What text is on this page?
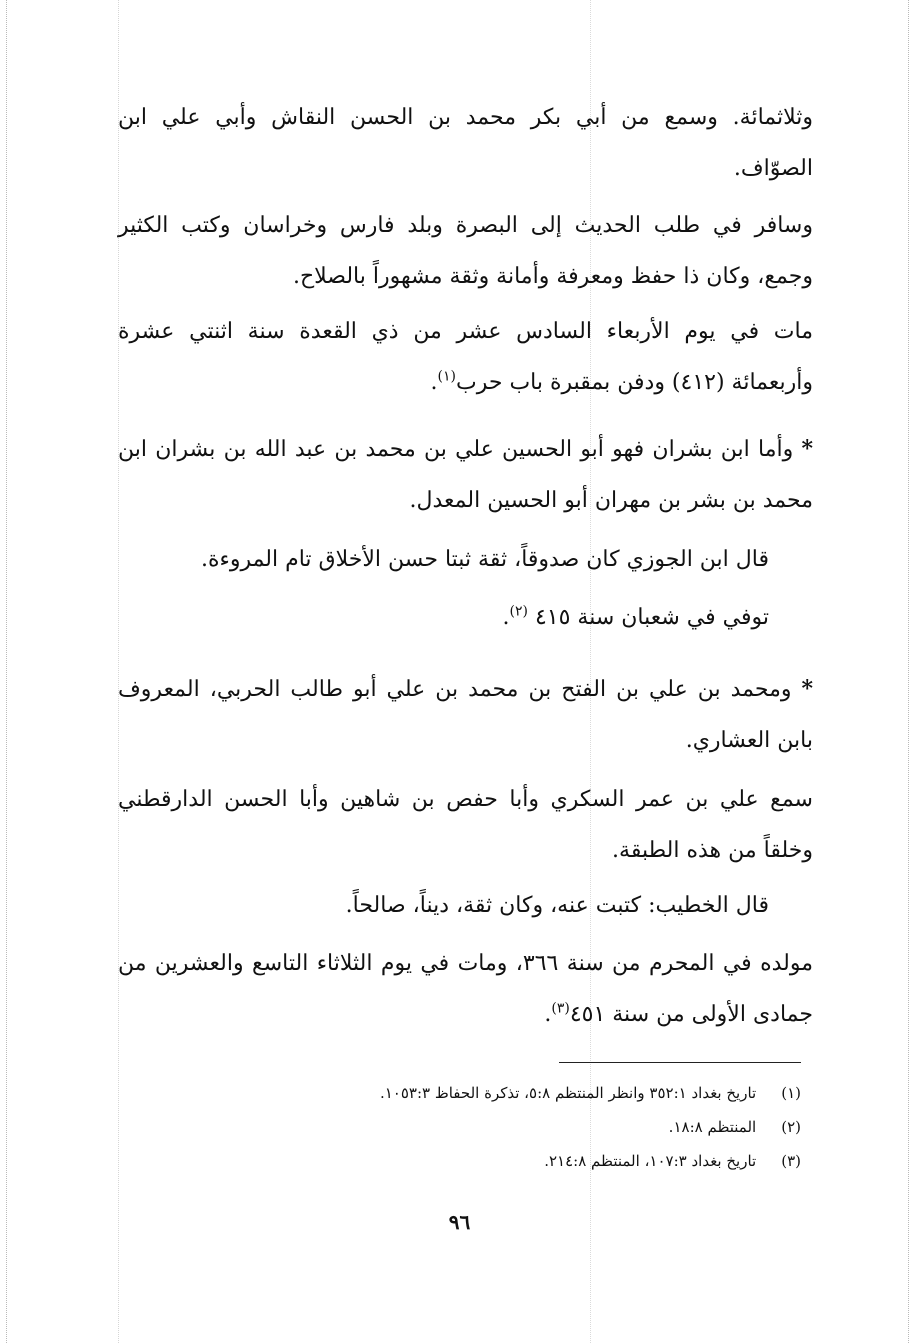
وثلاثمائة. وسمع من أبي بكر محمد بن الحسن النقاش وأبي علي ابن الصوّاف.

وسافر في طلب الحديث إلى البصرة وبلد فارس وخراسان وكتب الكثير وجمع، وكان ذا حفظ ومعرفة وأمانة وثقة مشهوراً بالصلاح.

مات في يوم الأربعاء السادس عشر من ذي القعدة سنة اثنتي عشرة وأربعمائة (٤١٢) ودفن بمقبرة باب حرب$^{(١)}$.

* وأما ابن بشران فهو أبو الحسين علي بن محمد بن عبد الله بن بشران ابن محمد بن بشر بن مهران أبو الحسين المعدل.

قال ابن الجوزي كان صدوقاً، ثقة ثبتا حسن الأخلاق تام المروءة.

توفي في شعبان سنة ٤١٥ $^{(٢)}$.

* ومحمد بن علي بن الفتح بن محمد بن علي أبو طالب الحربي، المعروف بابن العشاري.

سمع علي بن عمر السكري وأبا حفص بن شاهين وأبا الحسن الدارقطني وخلقاً من هذه الطبقة.

قال الخطيب: كتبت عنه، وكان ثقة، ديناً، صالحاً.

مولده في المحرم من سنة ٣٦٦، ومات في يوم الثلاثاء التاسع والعشرين من جمادى الأولى من سنة ٤٥١$^{(٣)}$.

(١) تاريخ بغداد ٣٥٢:١ وانظر المنتظم ٥:٨، تذكرة الحفاظ ١٠٥٣:٣.
(٢) المنتظم ١٨:٨.
(٣) تاريخ بغداد ١٠٧:٣، المنتظم ٢١٤:٨.
٩٦
